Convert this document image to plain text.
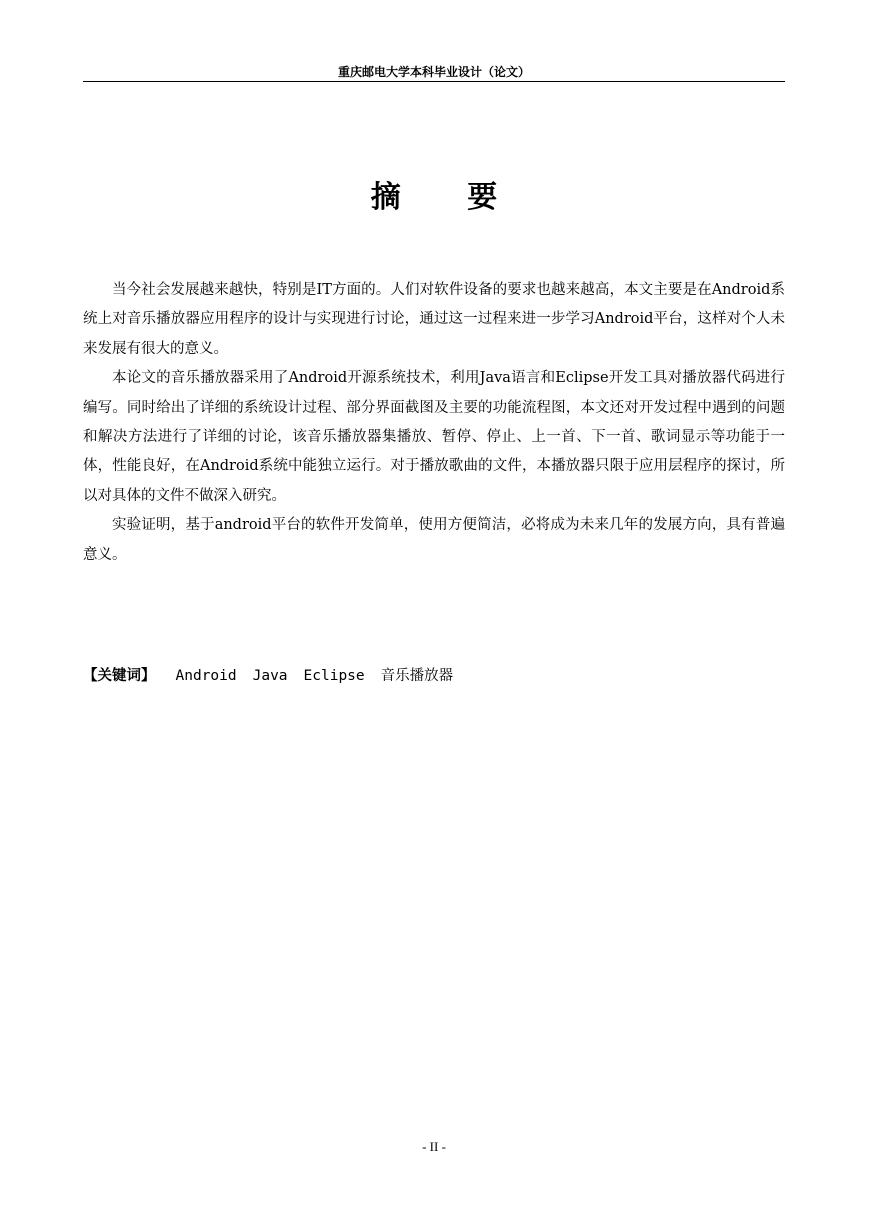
重庆邮电大学本科毕业设计（论文）
摘 要

当今社会发展越来越快，特别是IT方面的。人们对软件设备的要求也越来越高，本文主要是在Android系统上对音乐播放器应用程序的设计与实现进行讨论，通过这一过程来进一步学习Android平台，这样对个人未来发展有很大的意义。

本论文的音乐播放器采用了Android开源系统技术，利用Java语言和Eclipse开发工具对播放器代码进行编写。同时给出了详细的系统设计过程、部分界面截图及主要的功能流程图，本文还对开发过程中遇到的问题和解决方法进行了详细的讨论，该音乐播放器集播放、暂停、停止、上一首、下一首、歌词显示等功能于一体，性能良好，在Android系统中能独立运行。对于播放歌曲的文件，本播放器只限于应用层程序的探讨，所以对具体的文件不做深入研究。

实验证明，基于android平台的软件开发简单，使用方便简洁，必将成为未来几年的发展方向，具有普遍意义。

【关键词】 Android Java Eclipse 音乐播放器
- II -
